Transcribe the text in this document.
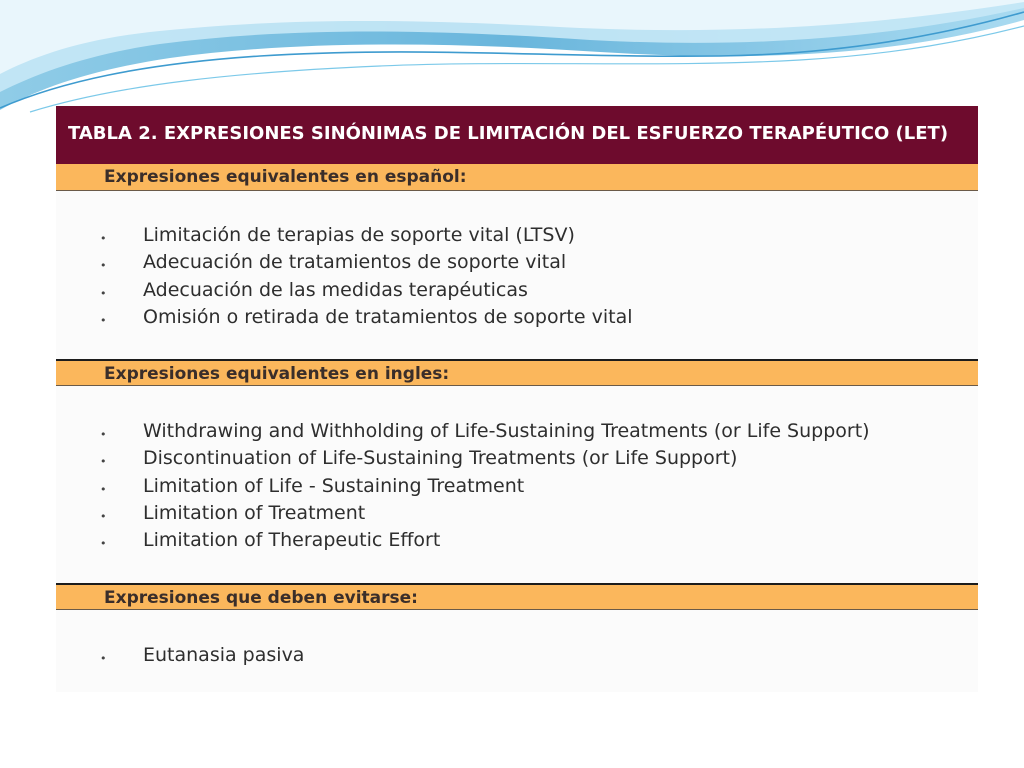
TABLA 2. EXPRESIONES SINÓNIMAS DE LIMITACIÓN DEL ESFUERZO TERAPÉUTICO (LET)
Expresiones equivalentes en español:
• Limitación de terapias de soporte vital (LTSV)
• Adecuación de tratamientos de soporte vital
• Adecuación de las medidas terapéuticas
• Omisión o retirada de tratamientos de soporte vital
Expresiones equivalentes en ingles:
• Withdrawing and Withholding of Life-Sustaining Treatments (or Life Support)
• Discontinuation of Life-Sustaining Treatments (or Life Support)
• Limitation of Life - Sustaining Treatment
• Limitation of Treatment
• Limitation of Therapeutic Effort
Expresiones que deben evitarse:
• Eutanasia pasiva
